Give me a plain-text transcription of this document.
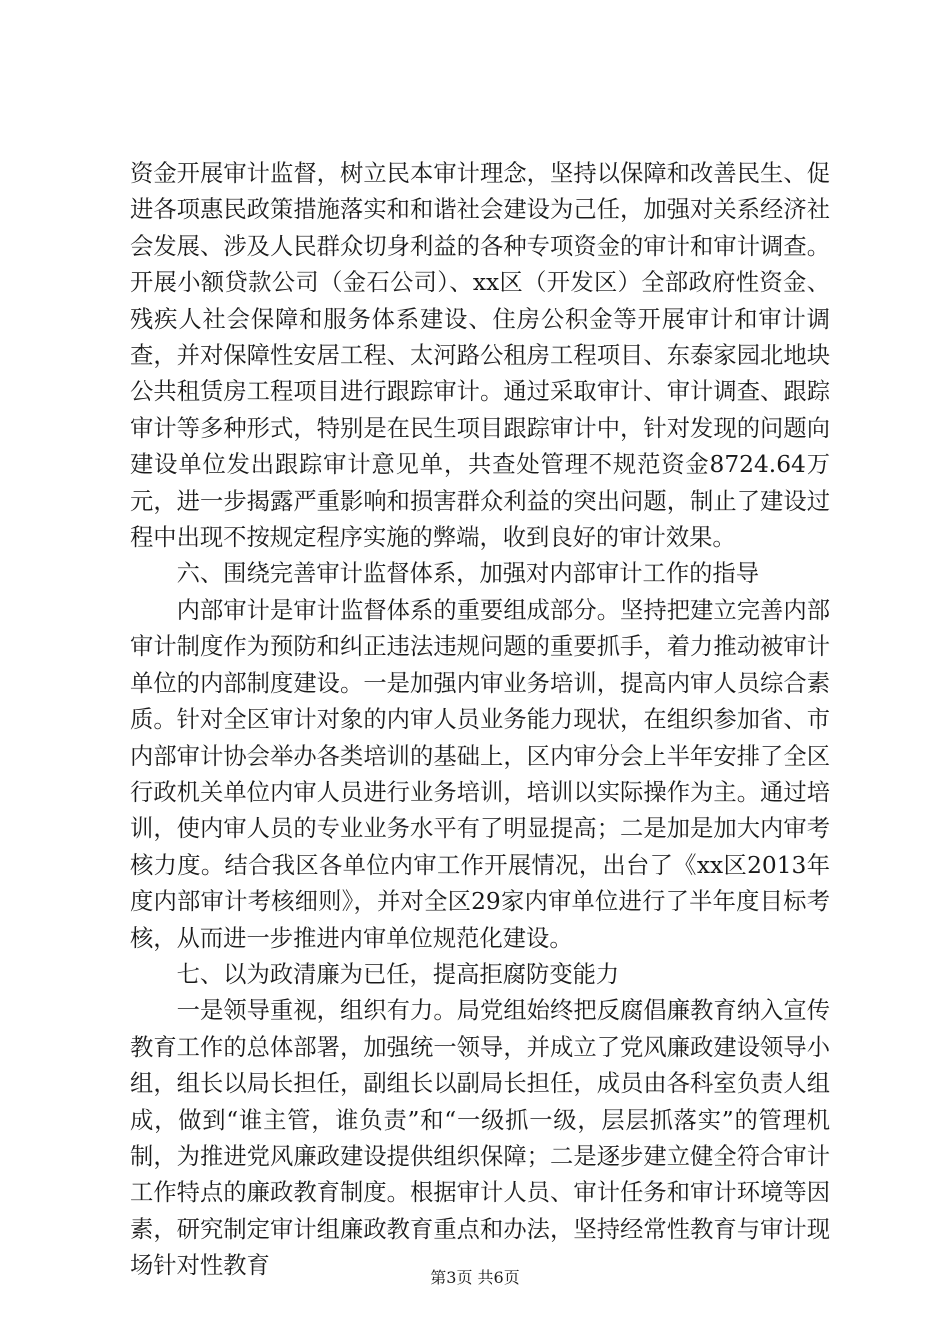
资金开展审计监督，树立民本审计理念，坚持以保障和改善民生、促进各项惠民政策措施落实和和谐社会建设为己任，加强对关系经济社会发展、涉及人民群众切身利益的各种专项资金的审计和审计调查。开展小额贷款公司（金石公司）、xx区（开发区）全部政府性资金、残疾人社会保障和服务体系建设、住房公积金等开展审计和审计调查，并对保障性安居工程、太河路公租房工程项目、东泰家园北地块公共租赁房工程项目进行跟踪审计。通过采取审计、审计调查、跟踪审计等多种形式，特别是在民生项目跟踪审计中，针对发现的问题向建设单位发出跟踪审计意见单，共查处管理不规范资金8724.64万元，进一步揭露严重影响和损害群众利益的突出问题，制止了建设过程中出现不按规定程序实施的弊端，收到良好的审计效果。

　　六、围绕完善审计监督体系，加强对内部审计工作的指导

　　内部审计是审计监督体系的重要组成部分。坚持把建立完善内部审计制度作为预防和纠正违法违规问题的重要抓手，着力推动被审计单位的内部制度建设。一是加强内审业务培训，提高内审人员综合素质。针对全区审计对象的内审人员业务能力现状，在组织参加省、市内部审计协会举办各类培训的基础上，区内审分会上半年安排了全区行政机关单位内审人员进行业务培训，培训以实际操作为主。通过培训，使内审人员的专业业务水平有了明显提高；二是加是加大内审考核力度。结合我区各单位内审工作开展情况，出台了《xx区2013年度内部审计考核细则》，并对全区29家内审单位进行了半年度目标考核，从而进一步推进内审单位规范化建设。

　　七、以为政清廉为已任，提高拒腐防变能力

　　一是领导重视，组织有力。局党组始终把反腐倡廉教育纳入宣传教育工作的总体部署，加强统一领导，并成立了党风廉政建设领导小组，组长以局长担任，副组长以副局长担任，成员由各科室负责人组成，做到“谁主管，谁负责”和“一级抓一级，层层抓落实”的管理机制，为推进党风廉政建设提供组织保障；二是逐步建立健全符合审计工作特点的廉政教育制度。根据审计人员、审计任务和审计环境等因素，研究制定审计组廉政教育重点和办法，坚持经常性教育与审计现场针对性教育	第3页 共6页
